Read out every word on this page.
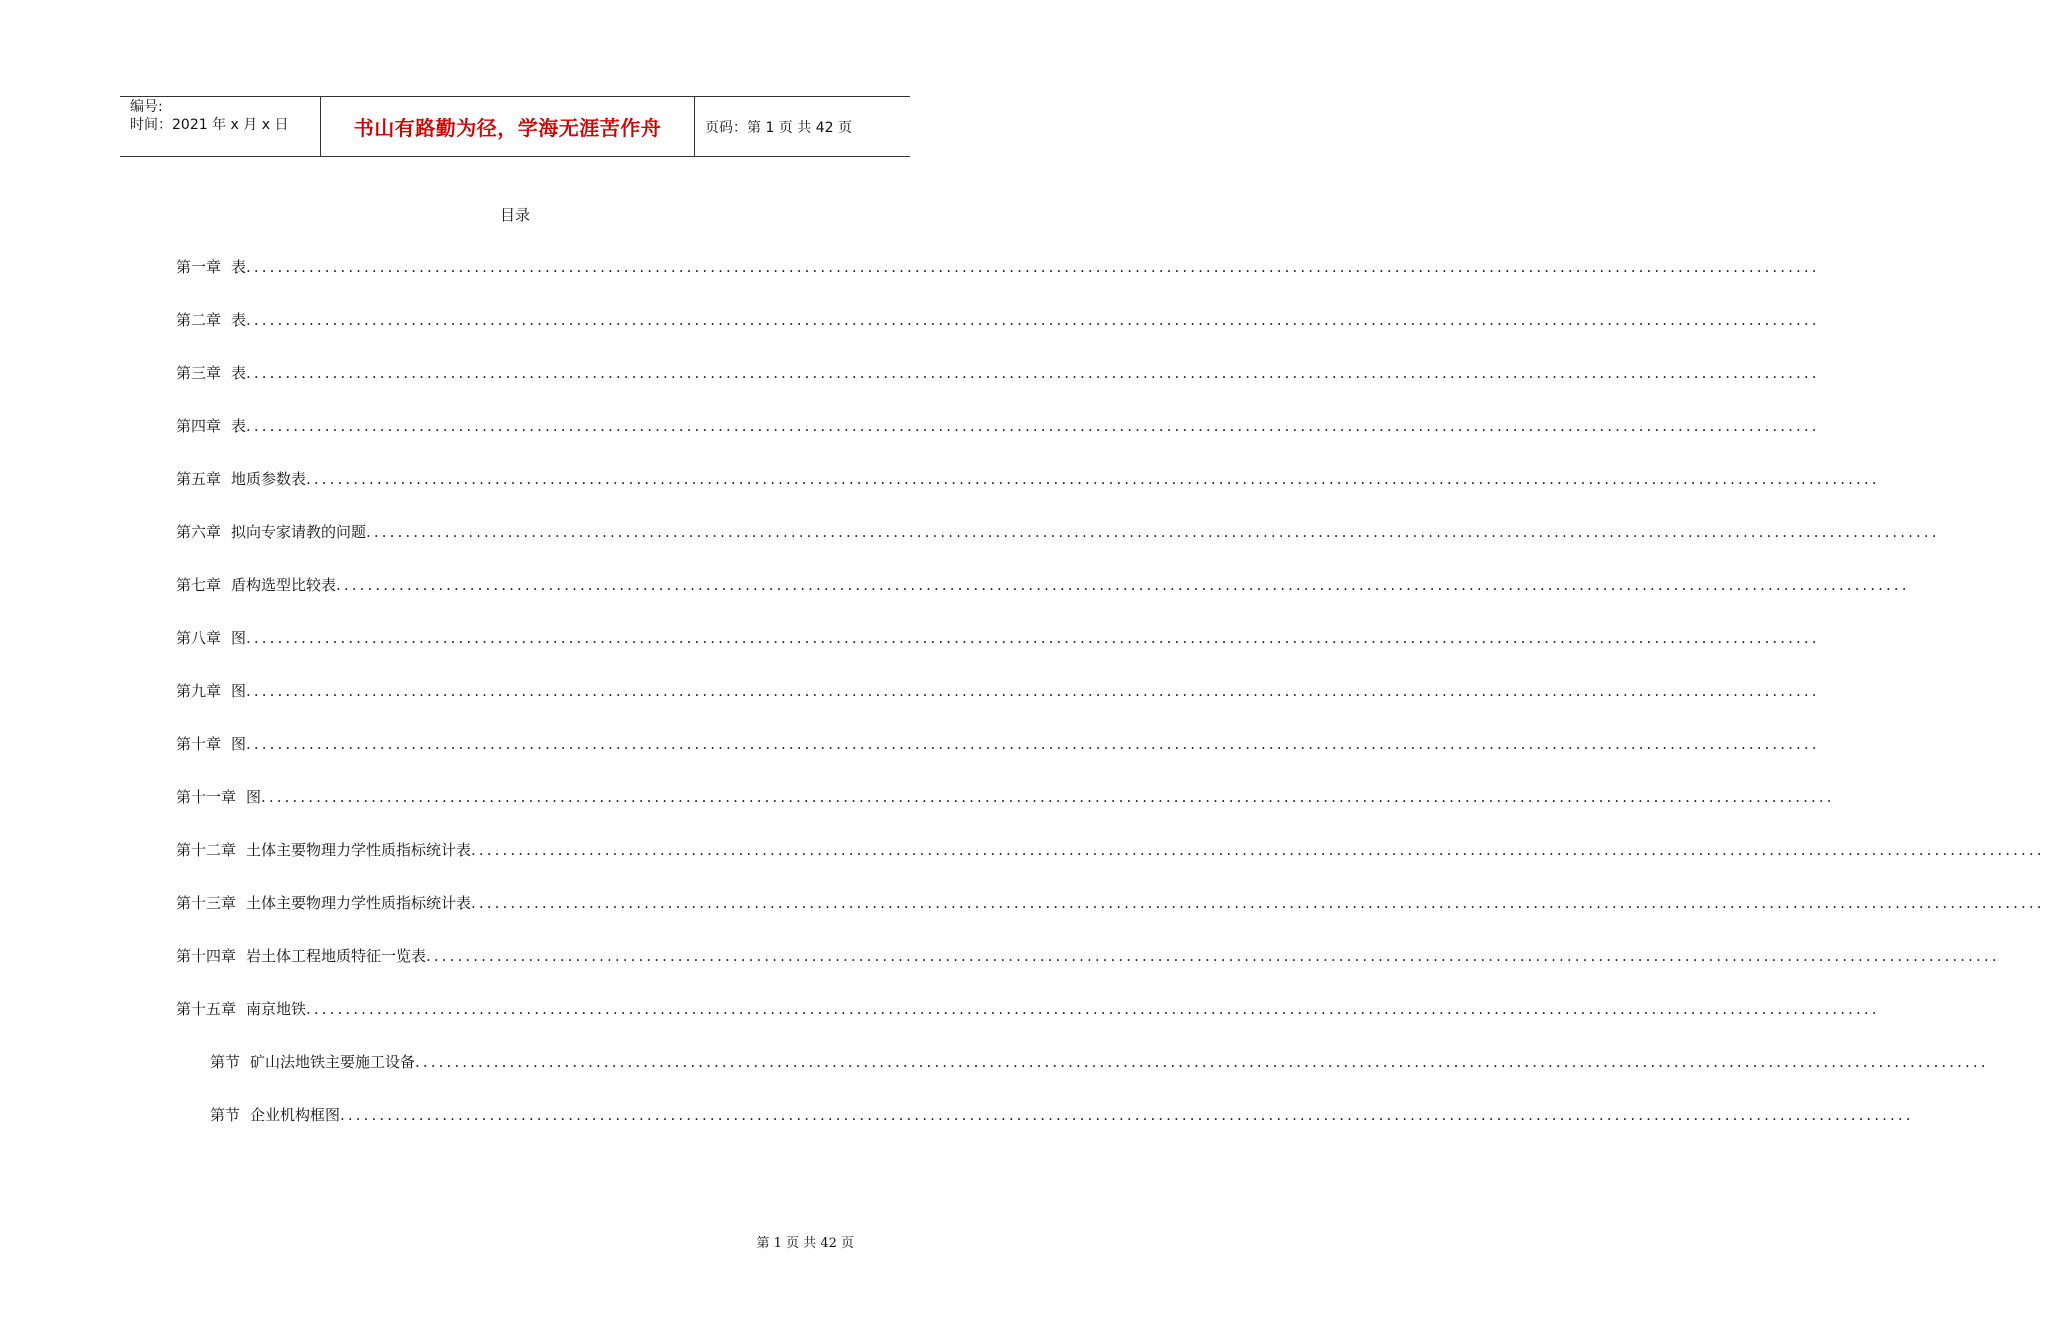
编号:
时间：2021 年 x 月 x 日	书山有路勤为径，学海无涯苦作舟	页码：第 1 页 共 42 页
目录
第一章 表 ........................................................................................................................................................................................................
第二章 表 ........................................................................................................................................................................................................
第三章 表 ........................................................................................................................................................................................................
第四章 表 ........................................................................................................................................................................................................
第五章 地质参数表 ........................................................................................................................................................................................................
第六章 拟向专家请教的问题 ........................................................................................................................................................................................................
第七章 盾构选型比较表 ........................................................................................................................................................................................................
第八章 图 ........................................................................................................................................................................................................
第九章 图 ........................................................................................................................................................................................................
第十章 图 ........................................................................................................................................................................................................
第十一章 图 ........................................................................................................................................................................................................
第十二章 土体主要物理力学性质指标统计表 ........................................................................................................................................................................................................
第十三章 土体主要物理力学性质指标统计表 ........................................................................................................................................................................................................
第十四章 岩土体工程地质特征一览表 ........................................................................................................................................................................................................
第十五章 南京地铁 ........................................................................................................................................................................................................
第节 矿山法地铁主要施工设备 ........................................................................................................................................................................................................
第节 企业机构框图 ........................................................................................................................................................................................................
第 1 页 共 42 页
